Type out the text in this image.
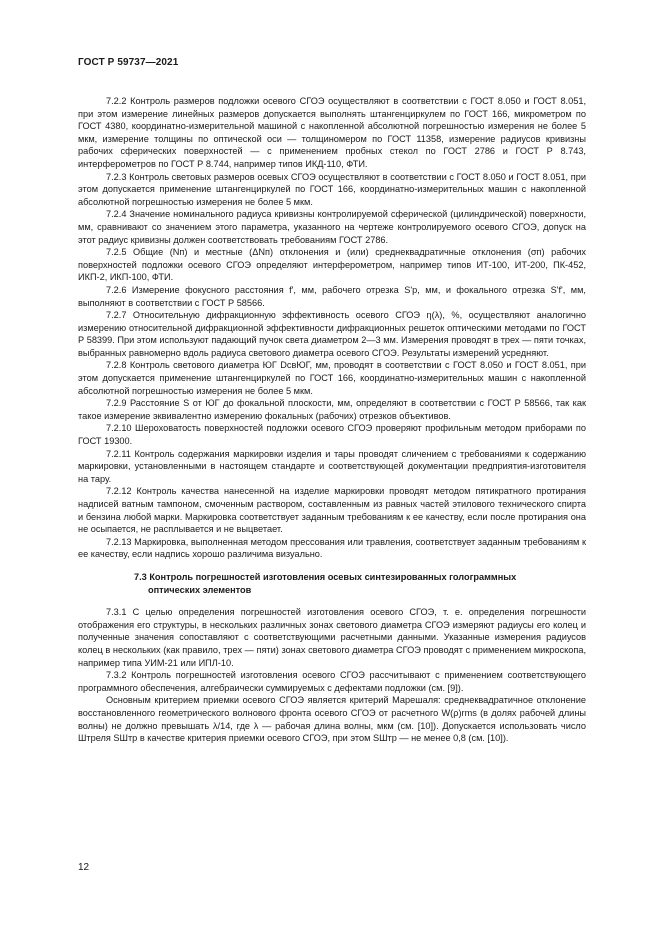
ГОСТ Р 59737—2021

7.2.2 Контроль размеров подложки осевого СГОЭ осуществляют в соответствии с ГОСТ 8.050 и ГОСТ 8.051, при этом измерение линейных размеров допускается выполнять штангенциркулем по ГОСТ 166, микрометром по ГОСТ 4380, координатно-измерительной машиной с накопленной абсолютной погрешностью измерения не более 5 мкм, измерение толщины по оптической оси — толщиномером по ГОСТ 11358, измерение радиусов кривизны рабочих сферических поверхностей — с применением пробных стекол по ГОСТ 2786 и ГОСТ Р 8.743, интерферометров по ГОСТ Р 8.744, например типов ИКД-110, ФТИ.

7.2.3 Контроль световых размеров осевых СГОЭ осуществляют в соответствии с ГОСТ 8.050 и ГОСТ 8.051, при этом допускается применение штангенциркулей по ГОСТ 166, координатно-измерительных машин с накопленной абсолютной погрешностью измерения не более 5 мкм.

7.2.4 Значение номинального радиуса кривизны контролируемой сферической (цилиндрической) поверхности, мм, сравнивают со значением этого параметра, указанного на чертеже контролируемого осевого СГОЭ, допуск на этот радиус кривизны должен соответствовать требованиям ГОСТ 2786.

7.2.5 Общие (Nп) и местные (ΔNп) отклонения и (или) среднеквадратичные отклонения (σп) рабочих поверхностей подложки осевого СГОЭ определяют интерферометром, например типов ИТ-100, ИТ-200, ПК-452, ИКП-2, ИКП-100, ФТИ.

7.2.6 Измерение фокусного расстояния f', мм, рабочего отрезка S'p, мм, и фокального отрезка S'f', мм, выполняют в соответствии с ГОСТ Р 58566.

7.2.7 Относительную дифракционную эффективность осевого СГОЭ η(λ), %, осуществляют аналогично измерению относительной дифракционной эффективности дифракционных решеток оптическими методами по ГОСТ Р 58399. При этом используют падающий пучок света диаметром 2—3 мм. Измерения проводят в трех — пяти точках, выбранных равномерно вдоль радиуса светового диаметра осевого СГОЭ. Результаты измерений усредняют.

7.2.8 Контроль светового диаметра ЮГ DсвЮГ, мм, проводят в соответствии с ГОСТ 8.050 и ГОСТ 8.051, при этом допускается применение штангенциркулей по ГОСТ 166, координатно-измерительных машин с накопленной абсолютной погрешностью измерения не более 5 мкм.

7.2.9 Расстояние S от ЮГ до фокальной плоскости, мм, определяют в соответствии с ГОСТ Р 58566, так как такое измерение эквивалентно измерению фокальных (рабочих) отрезков объективов.

7.2.10 Шероховатость поверхностей подложки осевого СГОЭ проверяют профильным методом приборами по ГОСТ 19300.

7.2.11 Контроль содержания маркировки изделия и тары проводят сличением с требованиями к содержанию маркировки, установленными в настоящем стандарте и соответствующей документации предприятия-изготовителя на тару.

7.2.12 Контроль качества нанесенной на изделие маркировки проводят методом пятикратного протирания надписей ватным тампоном, смоченным раствором, составленным из равных частей этилового технического спирта и бензина любой марки. Маркировка соответствует заданным требованиям к ее качеству, если после протирания она не осыпается, не расплывается и не выцветает.

7.2.13 Маркировка, выполненная методом прессования или травления, соответствует заданным требованиям к ее качеству, если надпись хорошо различима визуально.

7.3 Контроль погрешностей изготовления осевых синтезированных голограммных
оптических элементов

7.3.1 С целью определения погрешностей изготовления осевого СГОЭ, т. е. определения погрешности отображения его структуры, в нескольких различных зонах светового диаметра СГОЭ измеряют радиусы его колец и полученные значения сопоставляют с соответствующими расчетными данными. Указанные измерения радиусов колец в нескольких (как правило, трех — пяти) зонах светового диаметра СГОЭ проводят с применением микроскопа, например типа УИМ-21 или ИПЛ-10.

7.3.2 Контроль погрешностей изготовления осевого СГОЭ рассчитывают с применением соответствующего программного обеспечения, алгебраически суммируемых с дефектами подложки (см. [9]).

Основным критерием приемки осевого СГОЭ является критерий Марешаля: среднеквадратичное отклонение восстановленного геометрического волнового фронта осевого СГОЭ от расчетного W(ρ)rms (в долях рабочей длины волны) не должно превышать λ/14, где λ — рабочая длина волны, мкм (см. [10]). Допускается использовать число Штреля SШтр в качестве критерия приемки осевого СГОЭ, при этом SШтр — не менее 0,8 (см. [10]).

12
